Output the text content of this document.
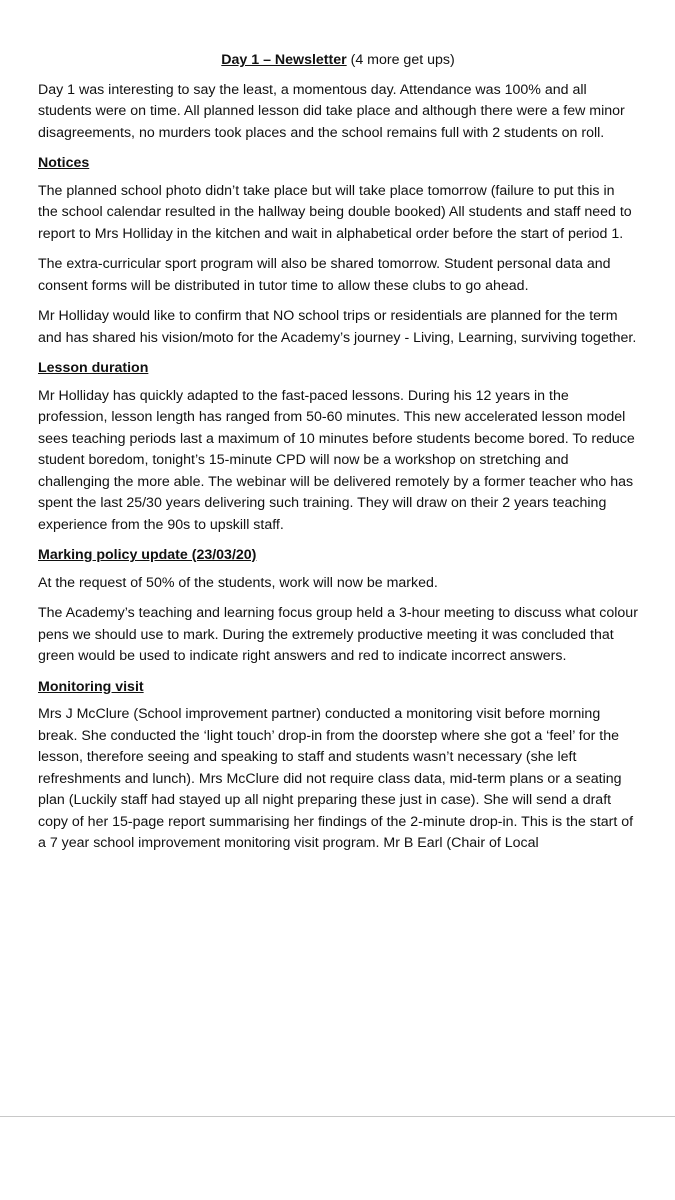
Day 1 – Newsletter (4 more get ups)

Day 1 was interesting to say the least, a momentous day. Attendance was 100% and all students were on time. All planned lesson did take place and although there were a few minor disagreements, no murders took places and the school remains full with 2 students on roll.

Notices

The planned school photo didn’t take place but will take place tomorrow (failure to put this in the school calendar resulted in the hallway being double booked) All students and staff need to report to Mrs Holliday in the kitchen and wait in alphabetical order before the start of period 1.

The extra-curricular sport program will also be shared tomorrow. Student personal data and consent forms will be distributed in tutor time to allow these clubs to go ahead.

Mr Holliday would like to confirm that NO school trips or residentials are planned for the term and has shared his vision/moto for the Academy’s journey - Living, Learning, surviving together.

Lesson duration

Mr Holliday has quickly adapted to the fast-paced lessons. During his 12 years in the profession, lesson length has ranged from 50-60 minutes. This new accelerated lesson model sees teaching periods last a maximum of 10 minutes before students become bored. To reduce student boredom, tonight’s 15-minute CPD will now be a workshop on stretching and challenging the more able. The webinar will be delivered remotely by a former teacher who has spent the last 25/30 years delivering such training. They will draw on their 2 years teaching experience from the 90s to upskill staff.

Marking policy update (23/03/20)

At the request of 50% of the students, work will now be marked.

The Academy’s teaching and learning focus group held a 3-hour meeting to discuss what colour pens we should use to mark. During the extremely productive meeting it was concluded that green would be used to indicate right answers and red to indicate incorrect answers.

Monitoring visit

Mrs J McClure (School improvement partner) conducted a monitoring visit before morning break. She conducted the ‘light touch’ drop-in from the doorstep where she got a ‘feel’ for the lesson, therefore seeing and speaking to staff and students wasn’t necessary (she left refreshments and lunch). Mrs McClure did not require class data, mid-term plans or a seating plan (Luckily staff had stayed up all night preparing these just in case). She will send a draft copy of her 15-page report summarising her findings of the 2-minute drop-in. This is the start of a 7 year school improvement monitoring visit program. Mr B Earl (Chair of Local
